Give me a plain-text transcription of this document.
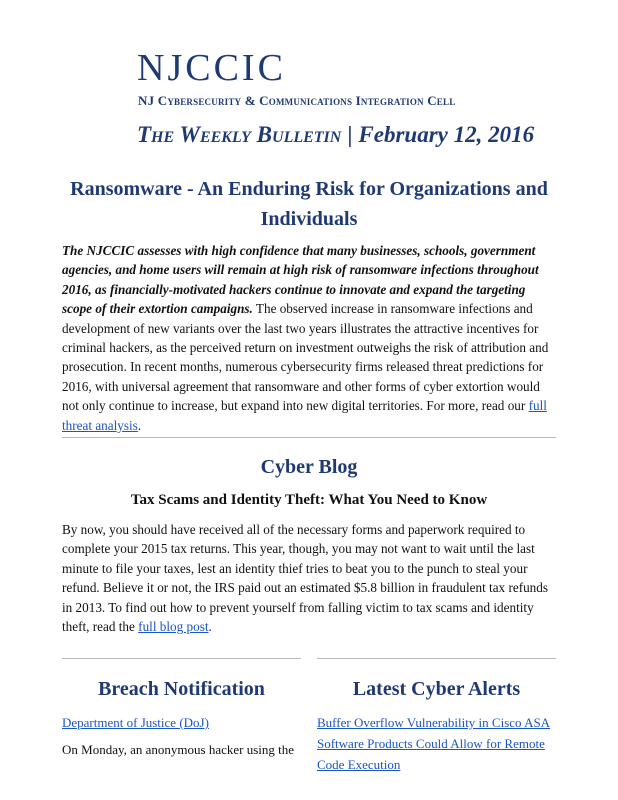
NJCCIC
NJ Cybersecurity & Communications Integration Cell
The Weekly Bulletin | February 12, 2016
Ransomware - An Enduring Risk for Organizations and Individuals
The NJCCIC assesses with high confidence that many businesses, schools, government agencies, and home users will remain at high risk of ransomware infections throughout 2016, as financially-motivated hackers continue to innovate and expand the targeting scope of their extortion campaigns. The observed increase in ransomware infections and development of new variants over the last two years illustrates the attractive incentives for criminal hackers, as the perceived return on investment outweighs the risk of attribution and prosecution. In recent months, numerous cybersecurity firms released threat predictions for 2016, with universal agreement that ransomware and other forms of cyber extortion would not only continue to increase, but expand into new digital territories. For more, read our full threat analysis.
Cyber Blog
Tax Scams and Identity Theft: What You Need to Know
By now, you should have received all of the necessary forms and paperwork required to complete your 2015 tax returns. This year, though, you may not want to wait until the last minute to file your taxes, lest an identity thief tries to beat you to the punch to steal your refund. Believe it or not, the IRS paid out an estimated $5.8 billion in fraudulent tax refunds in 2013. To find out how to prevent yourself from falling victim to tax scams and identity theft, read the full blog post.
Breach Notification	Latest Cyber Alerts
Department of Justice (DoJ)
On Monday, an anonymous hacker using the
Buffer Overflow Vulnerability in Cisco ASA Software Products Could Allow for Remote Code Execution
